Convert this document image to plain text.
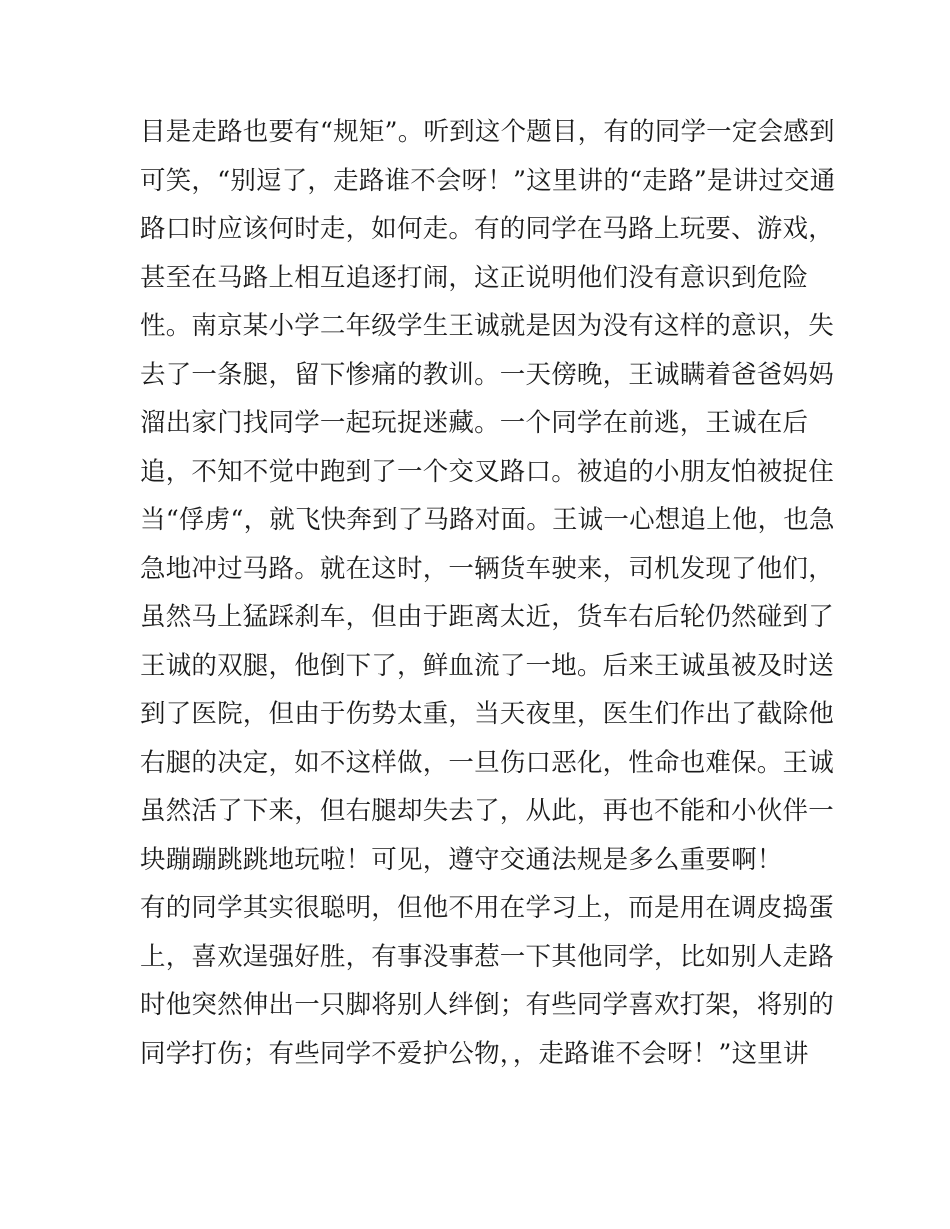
目是走路也要有“规矩”。听到这个题目，有的同学一定会感到
可笑，“别逗了，走路谁不会呀！”这里讲的“走路”是讲过交通
路口时应该何时走，如何走。有的同学在马路上玩要、游戏，
甚至在马路上相互追逐打闹，这正说明他们没有意识到危险
性。南京某小学二年级学生王诚就是因为没有这样的意识，失
去了一条腿，留下惨痛的教训。一天傍晚，王诚瞒着爸爸妈妈
溜出家门找同学一起玩捉迷藏。一个同学在前逃，王诚在后
追，不知不觉中跑到了一个交叉路口。被追的小朋友怕被捉住
当“俘虏“，就飞快奔到了马路对面。王诚一心想追上他，也急
急地冲过马路。就在这时，一辆货车驶来，司机发现了他们，
虽然马上猛踩刹车，但由于距离太近，货车右后轮仍然碰到了
王诚的双腿，他倒下了，鲜血流了一地。后来王诚虽被及时送
到了医院，但由于伤势太重，当天夜里，医生们作出了截除他
右腿的决定，如不这样做，一旦伤口恶化，性命也难保。王诚
虽然活了下来，但右腿却失去了，从此，再也不能和小伙伴一
块蹦蹦跳跳地玩啦！可见，遵守交通法规是多么重要啊！
有的同学其实很聪明，但他不用在学习上，而是用在调皮捣蛋
上，喜欢逞强好胜，有事没事惹一下其他同学，比如别人走路
时他突然伸出一只脚将别人绊倒；有些同学喜欢打架，将别的
同学打伤；有些同学不爱护公物，，走路谁不会呀！”这里讲
